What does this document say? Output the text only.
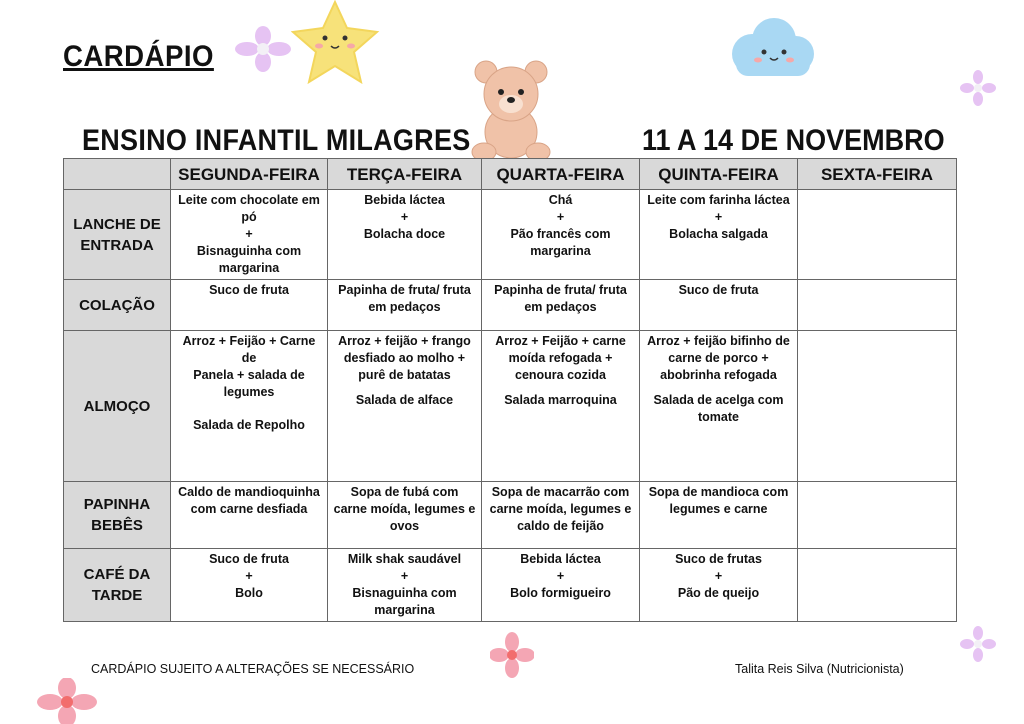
CARDÁPIO
ENSINO INFANTIL MILAGRES	11 A 14 DE NOVEMBRO
	SEGUNDA-FEIRA	TERÇA-FEIRA	QUARTA-FEIRA	QUINTA-FEIRA	SEXTA-FEIRA

LANCHE DE
ENTRADA	Leite com chocolate em
pó
+
Bisnaguinha com
margarina	Bebida láctea
+
Bolacha doce	Chá
+
Pão francês com
margarina	Leite com farinha láctea
+
Bolacha salgada	

COLAÇÃO	Suco de fruta	Papinha de fruta/ fruta
em pedaços	Papinha de fruta/ fruta
em pedaços	Suco de fruta	

ALMOÇO	Arroz + Feijão + Carne de
Panela + salada de
legumes
Salada de Repolho	Arroz + feijão + frango
desfiado ao molho +
purê de batatas
Salada de alface	Arroz + Feijão + carne
moída refogada +
cenoura cozida
Salada marroquina	Arroz + feijão bifinho de
carne de porco +
abobrinha refogada
Salada de acelga com
tomate	

PAPINHA
BEBÊS	Caldo de mandioquinha
com carne desfiada	Sopa de fubá com
carne moída, legumes e
ovos	Sopa de macarrão com
carne moída, legumes e
caldo de feijão	Sopa de mandioca com
legumes e carne	

CAFÉ DA
TARDE	Suco de fruta
+
Bolo	Milk shak saudável
+
Bisnaguinha com
margarina	Bebida láctea
+
Bolo formigueiro	Suco de frutas
+
Pão de queijo	

CARDÁPIO SUJEITO A ALTERAÇÕES SE NECESSÁRIO	Talita Reis Silva (Nutricionista)
